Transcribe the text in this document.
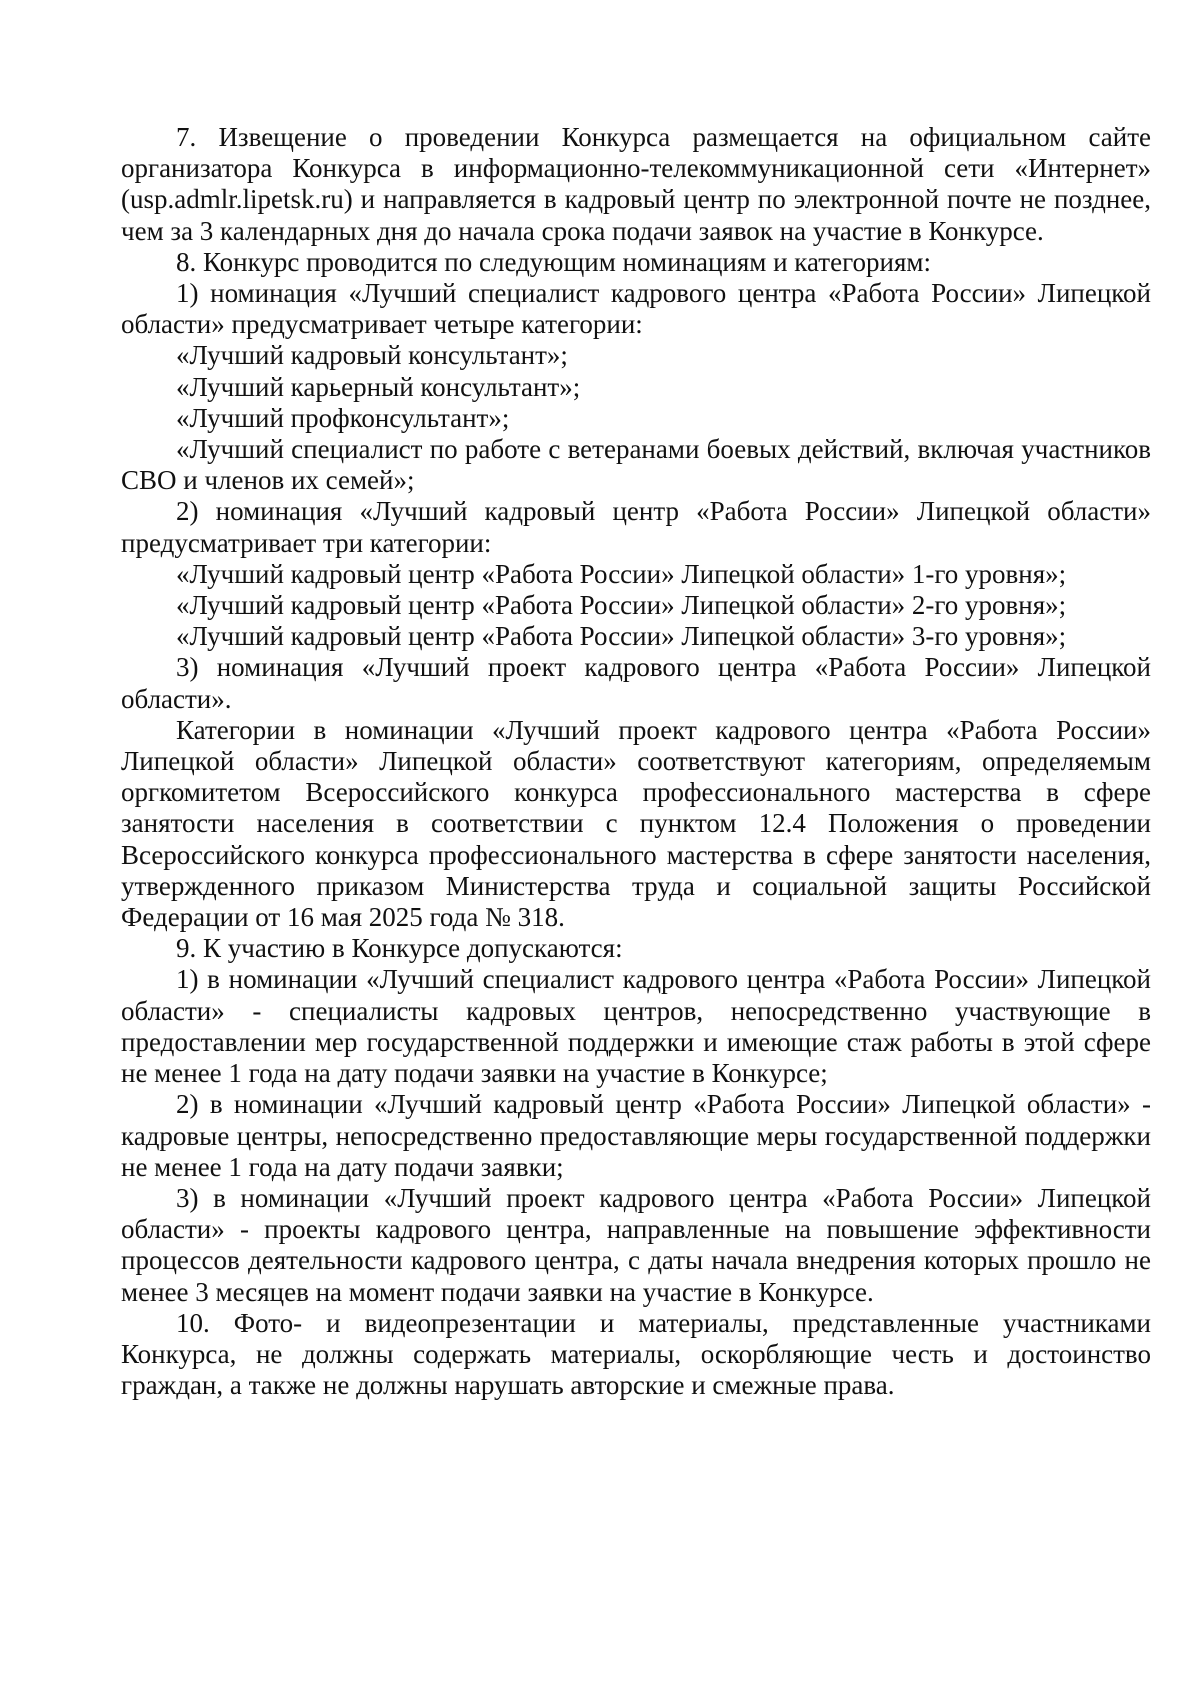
7. Извещение о проведении Конкурса размещается на официальном сайте организатора Конкурса в информационно-телекоммуникационной сети «Интернет» (usp.admlr.lipetsk.ru) и направляется в кадровый центр по электронной почте не позднее, чем за 3 календарных дня до начала срока подачи заявок на участие в Конкурсе.

8. Конкурс проводится по следующим номинациям и категориям:

1) номинация «Лучший специалист кадрового центра «Работа России» Липецкой области» предусматривает четыре категории:

«Лучший кадровый консультант»;

«Лучший карьерный консультант»;

«Лучший профконсультант»;

«Лучший специалист по работе с ветеранами боевых действий, включая участников СВО и членов их семей»;

2) номинация «Лучший кадровый центр «Работа России» Липецкой области» предусматривает три категории:

«Лучший кадровый центр «Работа России» Липецкой области» 1-го уровня»;

«Лучший кадровый центр «Работа России» Липецкой области» 2-го уровня»;

«Лучший кадровый центр «Работа России» Липецкой области» 3-го уровня»;

3) номинация «Лучший проект кадрового центра «Работа России» Липецкой области».

Категории в номинации «Лучший проект кадрового центра «Работа России» Липецкой области» Липецкой области» соответствуют категориям, определяемым оргкомитетом Всероссийского конкурса профессионального мастерства в сфере занятости населения в соответствии с пунктом 12.4 Положения о проведении Всероссийского конкурса профессионального мастерства в сфере занятости населения, утвержденного приказом Министерства труда и социальной защиты Российской Федерации от 16 мая 2025 года № 318.

9. К участию в Конкурсе допускаются:

1) в номинации «Лучший специалист кадрового центра «Работа России» Липецкой области» - специалисты кадровых центров, непосредственно участвующие в предоставлении мер государственной поддержки и имеющие стаж работы в этой сфере не менее 1 года на дату подачи заявки на участие в Конкурсе;

2) в номинации «Лучший кадровый центр «Работа России» Липецкой области» - кадровые центры, непосредственно предоставляющие меры государственной поддержки не менее 1 года на дату подачи заявки;

3) в номинации «Лучший проект кадрового центра «Работа России» Липецкой области» - проекты кадрового центра, направленные на повышение эффективности процессов деятельности кадрового центра, с даты начала внедрения которых прошло не менее 3 месяцев на момент подачи заявки на участие в Конкурсе.

10. Фото- и видеопрезентации и материалы, представленные участниками Конкурса, не должны содержать материалы, оскорбляющие честь и достоинство граждан, а также не должны нарушать авторские и смежные права.
